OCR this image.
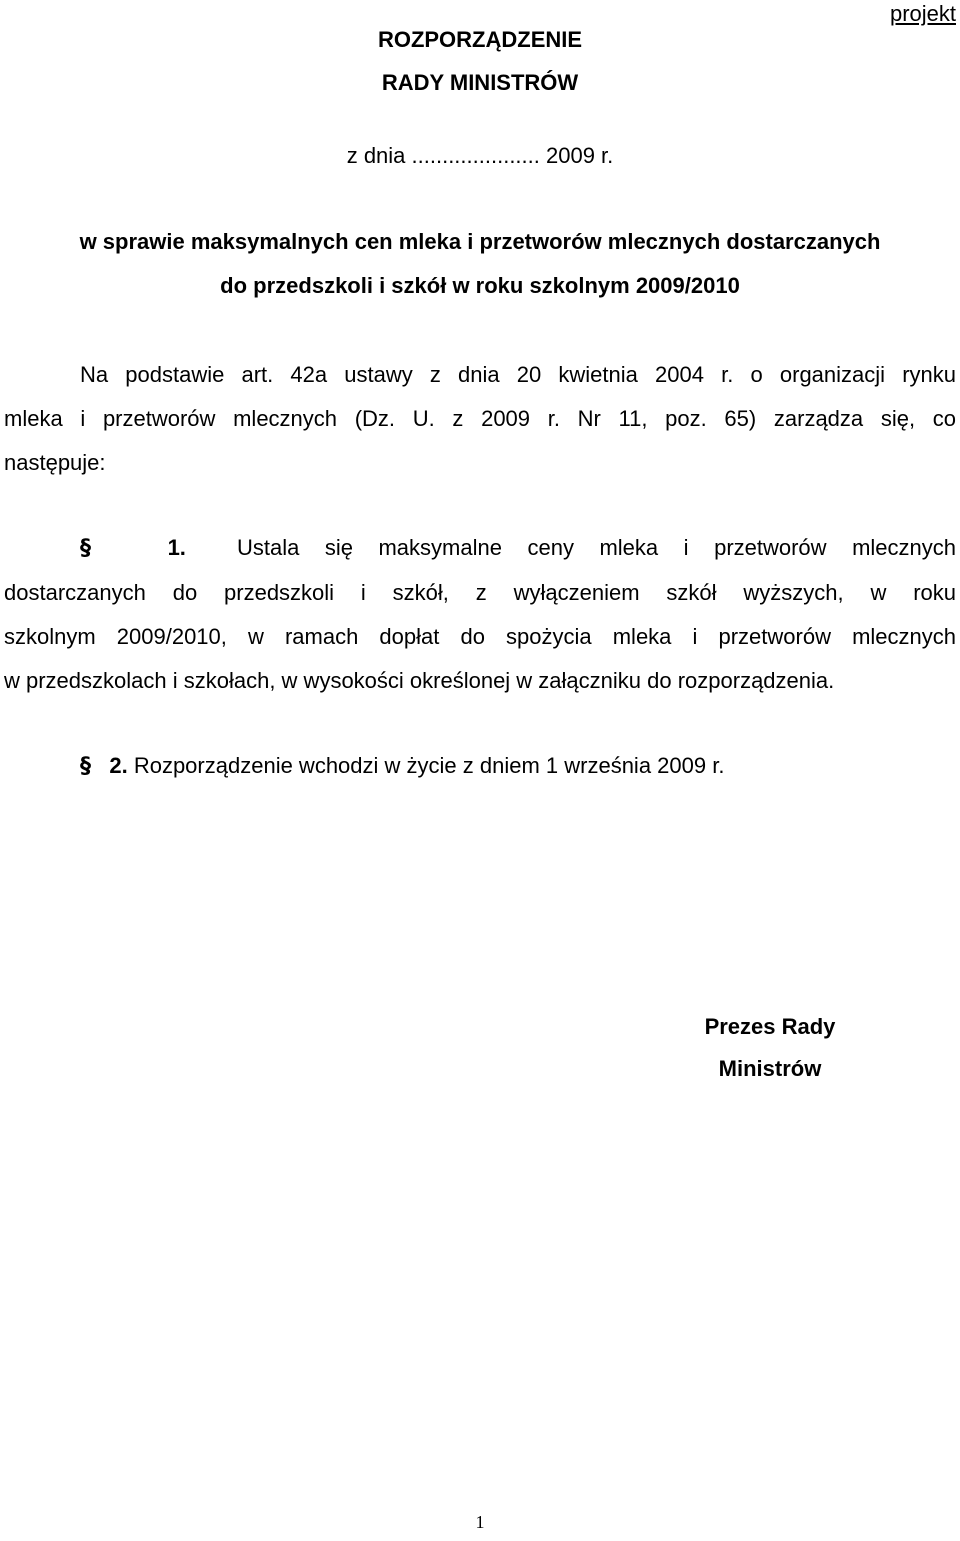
projekt

ROZPORZĄDZENIE

RADY MINISTRÓW

z dnia ..................... 2009 r.

w sprawie maksymalnych cen mleka i przetworów mlecznych dostarczanych

do przedszkoli i szkół w roku szkolnym 2009/2010

Na podstawie art. 42a ustawy z dnia 20 kwietnia 2004 r. o organizacji rynku
mleka i przetworów mlecznych (Dz. U. z 2009 r. Nr 11, poz. 65) zarządza się, co
następuje:
§	1. Ustala się maksymalne ceny mleka i przetworów mlecznych
dostarczanych do przedszkoli i szkół, z wyłączeniem szkół wyższych, w roku
szkolnym 2009/2010, w ramach dopłat do spożycia mleka i przetworów mlecznych
w przedszkolach i szkołach, w wysokości określonej w załączniku do rozporządzenia.
§ 2. Rozporządzenie wchodzi w życie z dniem 1 września 2009 r.

Prezes Rady

Ministrów

1
